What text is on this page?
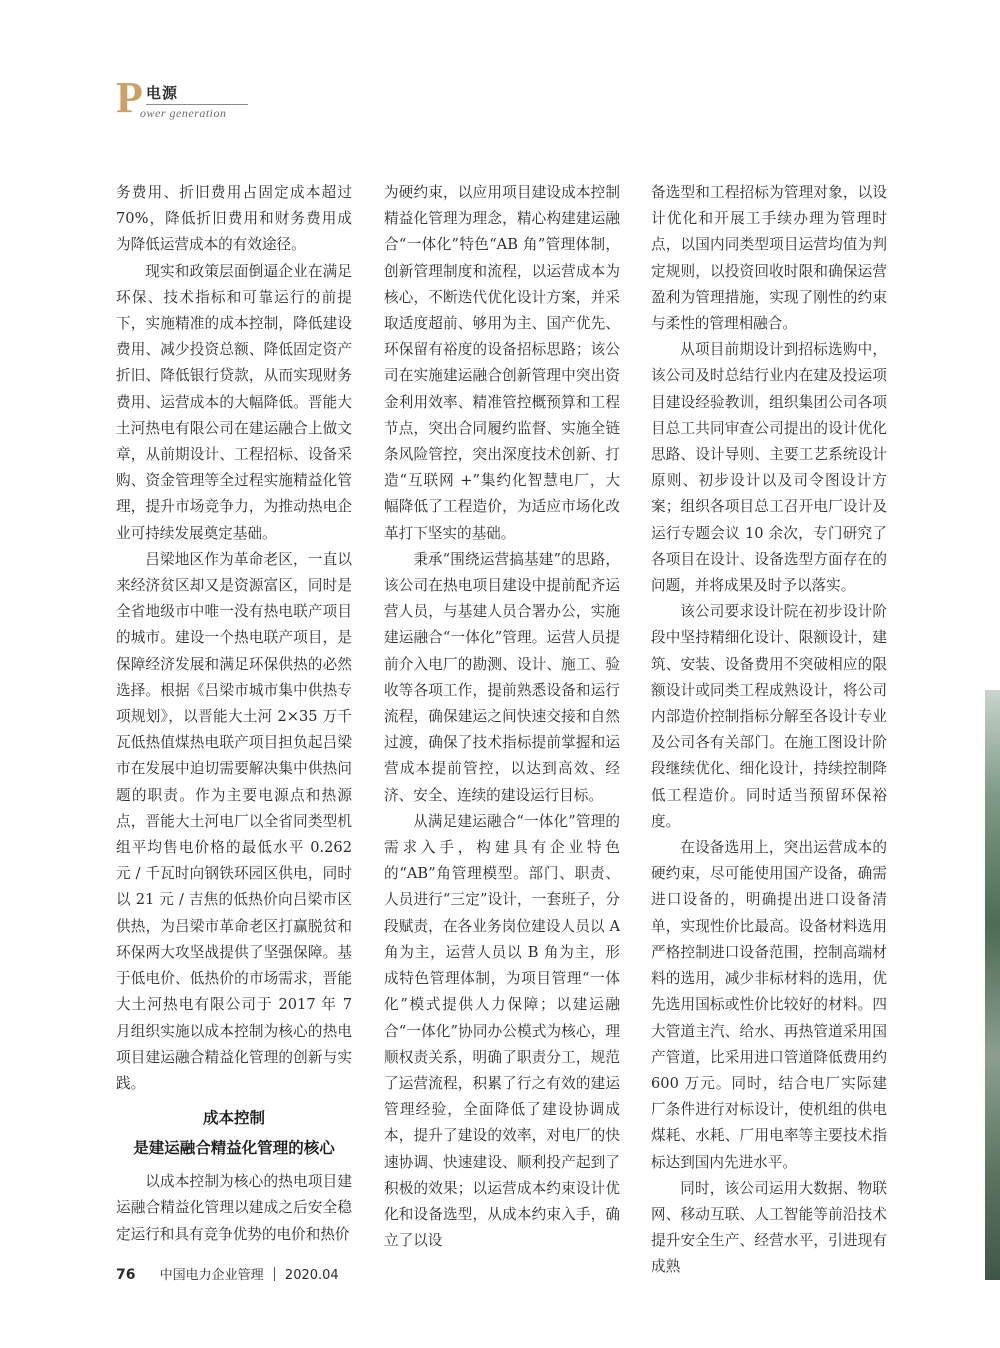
P 电源
ower generation

务费用、折旧费用占固定成本超过70%，降低折旧费用和财务费用成为降低运营成本的有效途径。

现实和政策层面倒逼企业在满足环保、技术指标和可靠运行的前提下，实施精准的成本控制，降低建设费用、减少投资总额、降低固定资产折旧、降低银行贷款，从而实现财务费用、运营成本的大幅降低。晋能大土河热电有限公司在建运融合上做文章，从前期设计、工程招标、设备采购、资金管理等全过程实施精益化管理，提升市场竞争力，为推动热电企业可持续发展奠定基础。

吕梁地区作为革命老区，一直以来经济贫区却又是资源富区，同时是全省地级市中唯一没有热电联产项目的城市。建设一个热电联产项目，是保障经济发展和满足环保供热的必然选择。根据《吕梁市城市集中供热专项规划》，以晋能大土河 2×35 万千瓦低热值煤热电联产项目担负起吕梁市在发展中迫切需要解决集中供热问题的职责。作为主要电源点和热源点，晋能大土河电厂以全省同类型机组平均售电价格的最低水平 0.262 元 / 千瓦时向钢铁环园区供电，同时以 21 元 / 吉焦的低热价向吕梁市区供热，为吕梁市革命老区打赢脱贫和环保两大攻坚战提供了坚强保障。基于低电价、低热价的市场需求，晋能大土河热电有限公司于 2017 年 7 月组织实施以成本控制为核心的热电项目建运融合精益化管理的创新与实践。

成本控制
是建运融合精益化管理的核心

以成本控制为核心的热电项目建运融合精益化管理以建成之后安全稳定运行和具有竞争优势的电价和热价

为硬约束，以应用项目建设成本控制精益化管理为理念，精心构建建运融合“一体化”特色“AB 角”管理体制，创新管理制度和流程，以运营成本为核心，不断迭代优化设计方案，并采取适度超前、够用为主、国产优先、环保留有裕度的设备招标思路；该公司在实施建运融合创新管理中突出资金利用效率、精准管控概预算和工程节点，突出合同履约监督、实施全链条风险管控，突出深度技术创新、打造“互联网 +”集约化智慧电厂，大幅降低了工程造价，为适应市场化改革打下坚实的基础。

秉承“围绕运营搞基建”的思路，该公司在热电项目建设中提前配齐运营人员，与基建人员合署办公，实施建运融合“一体化”管理。运营人员提前介入电厂的勘测、设计、施工、验收等各项工作，提前熟悉设备和运行流程，确保建运之间快速交接和自然过渡，确保了技术指标提前掌握和运营成本提前管控，以达到高效、经济、安全、连续的建设运行目标。

从满足建运融合“一体化”管理的需求入手，构建具有企业特色的“AB”角管理模型。部门、职责、人员进行“三定”设计，一套班子，分段赋责，在各业务岗位建设人员以 A 角为主，运营人员以 B 角为主，形成特色管理体制，为项目管理“一体化”模式提供人力保障；以建运融合“一体化”协同办公模式为核心，理顺权责关系，明确了职责分工，规范了运营流程，积累了行之有效的建运管理经验，全面降低了建设协调成本，提升了建设的效率，对电厂的快速协调、快速建设、顺利投产起到了积极的效果；以运营成本约束设计优化和设备选型，从成本约束入手，确立了以设

备选型和工程招标为管理对象，以设计优化和开展工手续办理为管理时点，以国内同类型项目运营均值为判定规则，以投资回收时限和确保运营盈利为管理措施，实现了刚性的约束与柔性的管理相融合。

从项目前期设计到招标选购中，该公司及时总结行业内在建及投运项目建设经验教训，组织集团公司各项目总工共同审查公司提出的设计优化思路、设计导则、主要工艺系统设计原则、初步设计以及司令图设计方案；组织各项目总工召开电厂设计及运行专题会议 10 余次，专门研究了各项目在设计、设备选型方面存在的问题，并将成果及时予以落实。

该公司要求设计院在初步设计阶段中坚持精细化设计、限额设计，建筑、安装、设备费用不突破相应的限额设计或同类工程成熟设计，将公司内部造价控制指标分解至各设计专业及公司各有关部门。在施工图设计阶段继续优化、细化设计，持续控制降低工程造价。同时适当预留环保裕度。

在设备选用上，突出运营成本的硬约束，尽可能使用国产设备，确需进口设备的，明确提出进口设备清单，实现性价比最高。设备材料选用严格控制进口设备范围，控制高端材料的选用，减少非标材料的选用，优先选用国标或性价比较好的材料。四大管道主汽、给水、再热管道采用国产管道，比采用进口管道降低费用约 600 万元。同时，结合电厂实际建厂条件进行对标设计，使机组的供电煤耗、水耗、厂用电率等主要技术指标达到国内先进水平。

同时，该公司运用大数据、物联网、移动互联、人工智能等前沿技术提升安全生产、经营水平，引进现有成熟

76 中国电力企业管理 2020.04
